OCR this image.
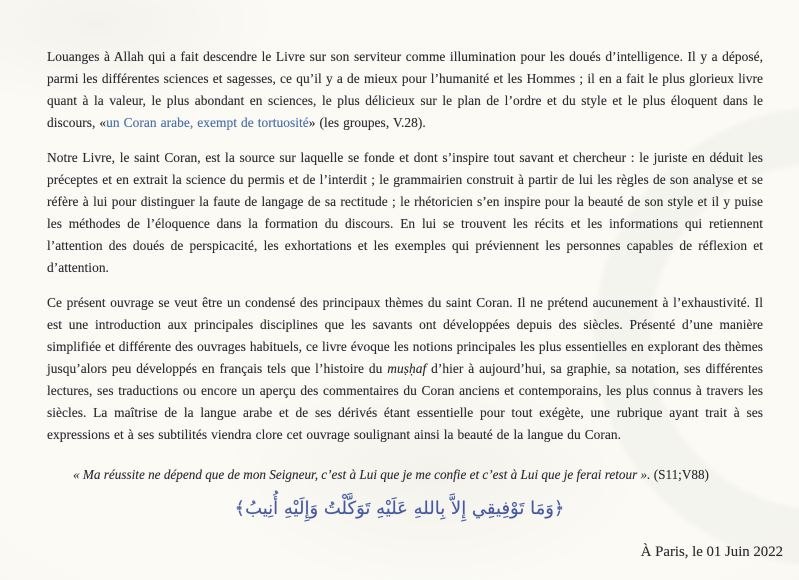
Louanges à Allah qui a fait descendre le Livre sur son serviteur comme illumination pour les doués d’intelligence. Il y a déposé, parmi les différentes sciences et sagesses, ce qu’il y a de mieux pour l’humanité et les Hommes ; il en a fait le plus glorieux livre quant à la valeur, le plus abondant en sciences, le plus délicieux sur le plan de l’ordre et du style et le plus éloquent dans le discours, «un Coran arabe, exempt de tortuosité» (les groupes, V.28).

Notre Livre, le saint Coran, est la source sur laquelle se fonde et dont s’inspire tout savant et chercheur : le juriste en déduit les préceptes et en extrait la science du permis et de l’interdit ; le grammairien construit à partir de lui les règles de son analyse et se réfère à lui pour distinguer la faute de langage de sa rectitude ; le rhétoricien s’en inspire pour la beauté de son style et il y puise les méthodes de l’éloquence dans la formation du discours. En lui se trouvent les récits et les informations qui retiennent l’attention des doués de perspicacité, les exhortations et les exemples qui préviennent les personnes capables de réflexion et d’attention.

Ce présent ouvrage se veut être un condensé des principaux thèmes du saint Coran. Il ne prétend aucunement à l’exhaustivité. Il est une introduction aux principales disciplines que les savants ont développées depuis des siècles. Présenté d’une manière simplifiée et différente des ouvrages habituels, ce livre évoque les notions principales les plus essentielles en explorant des thèmes jusqu’alors peu développés en français tels que l’histoire du muṣḥaf d’hier à aujourd’hui, sa graphie, sa notation, ses différentes lectures, ses traductions ou encore un aperçu des commentaires du Coran anciens et contemporains, les plus connus à travers les siècles. La maîtrise de la langue arabe et de ses dérivés étant essentielle pour tout exégète, une rubrique ayant trait à ses expressions et à ses subtilités viendra clore cet ouvrage soulignant ainsi la beauté de la langue du Coran.

« Ma réussite ne dépend que de mon Seigneur, c’est à Lui que je me confie et c’est à Lui que je ferai retour ». (S11;V88)

﴿وَمَا تَوْفِيقِي إِلاَّ بِاللهِ عَلَيْهِ تَوَكَّلْتُ وَإِلَيْهِ أُنِيبُ﴾
À Paris, le 01 Juin 2022
